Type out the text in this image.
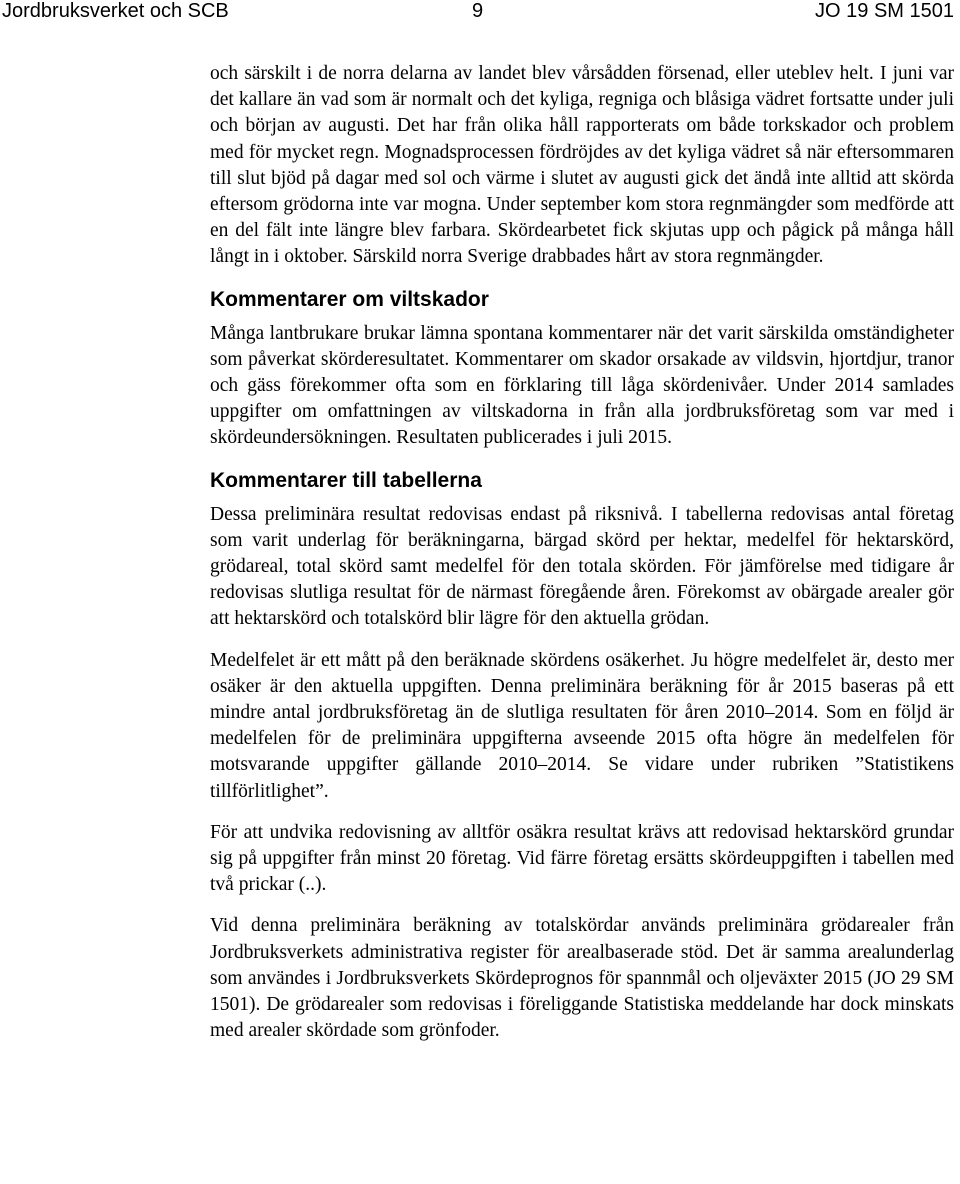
Jordbruksverket och SCB	9	JO 19 SM 1501

och särskilt i de norra delarna av landet blev vårsådden försenad, eller uteblev helt. I juni var det kallare än vad som är normalt och det kyliga, regniga och blåsiga vädret fortsatte under juli och början av augusti. Det har från olika håll rapporterats om både torkskador och problem med för mycket regn. Mognadsprocessen fördröjdes av det kyliga vädret så när eftersommaren till slut bjöd på dagar med sol och värme i slutet av augusti gick det ändå inte alltid att skörda eftersom grödorna inte var mogna. Under september kom stora regnmängder som medförde att en del fält inte längre blev farbara. Skördearbetet fick skjutas upp och pågick på många håll långt in i oktober. Särskild norra Sverige drabbades hårt av stora regnmängder.

Kommentarer om viltskador

Många lantbrukare brukar lämna spontana kommentarer när det varit särskilda omständigheter som påverkat skörderesultatet. Kommentarer om skador orsakade av vildsvin, hjortdjur, tranor och gäss förekommer ofta som en förklaring till låga skördenivåer. Under 2014 samlades uppgifter om omfattningen av viltskadorna in från alla jordbruksföretag som var med i skördeundersökningen. Resultaten publicerades i juli 2015.

Kommentarer till tabellerna

Dessa preliminära resultat redovisas endast på riksnivå. I tabellerna redovisas antal företag som varit underlag för beräkningarna, bärgad skörd per hektar, medelfel för hektarskörd, grödareal, total skörd samt medelfel för den totala skörden. För jämförelse med tidigare år redovisas slutliga resultat för de närmast föregående åren. Förekomst av obärgade arealer gör att hektarskörd och totalskörd blir lägre för den aktuella grödan.

Medelfelet är ett mått på den beräknade skördens osäkerhet. Ju högre medelfelet är, desto mer osäker är den aktuella uppgiften. Denna preliminära beräkning för år 2015 baseras på ett mindre antal jordbruksföretag än de slutliga resultaten för åren 2010–2014. Som en följd är medelfelen för de preliminära uppgifterna avseende 2015 ofta högre än medelfelen för motsvarande uppgifter gällande 2010–2014. Se vidare under rubriken ”Statistikens tillförlitlighet”.

För att undvika redovisning av alltför osäkra resultat krävs att redovisad hektarskörd grundar sig på uppgifter från minst 20 företag. Vid färre företag ersätts skördeuppgiften i tabellen med två prickar (..).

Vid denna preliminära beräkning av totalskördar används preliminära grödarealer från Jordbruksverkets administrativa register för arealbaserade stöd. Det är samma arealunderlag som användes i Jordbruksverkets Skördeprognos för spannmål och oljeväxter 2015 (JO 29 SM 1501). De grödarealer som redovisas i föreliggande Statistiska meddelande har dock minskats med arealer skördade som grönfoder.
